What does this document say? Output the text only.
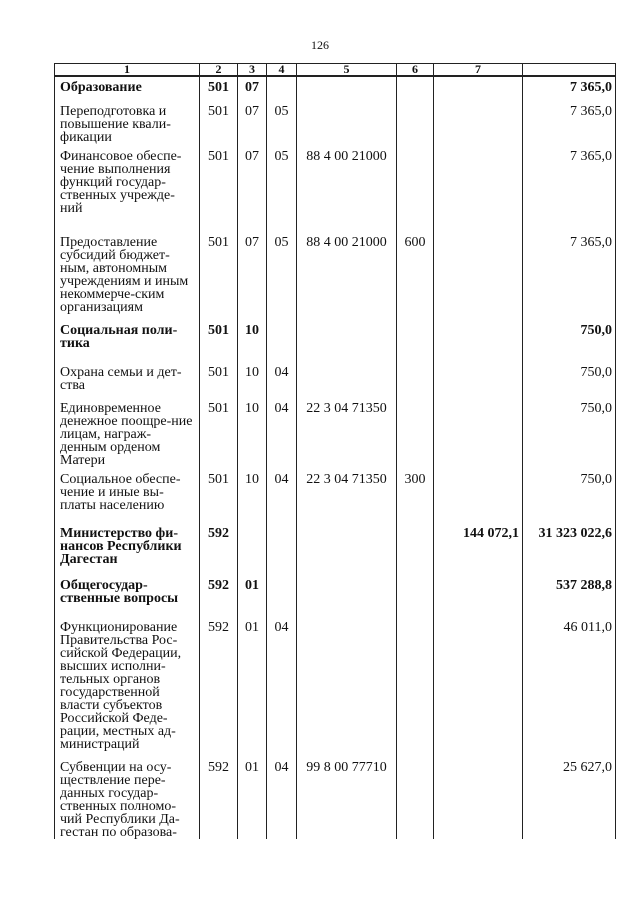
126
1	2	3	4	5	6	7	
Образование	501	07					7 365,0
Переподготовка и повышение квали-фикации	501	07	05				7 365,0
Финансовое обеспе-чение выполнения функций государ-ственных учрежде-ний	501	07	05	88 4 00 21000			7 365,0
Предоставление субсидий бюджет-ным, автономным учреждениям и иным некоммерче-ским организациям	501	07	05	88 4 00 21000	600		7 365,0
Социальная поли-тика	501	10					750,0
Охрана семьи и дет-ства	501	10	04				750,0
Единовременное денежное поощре-ние лицам, награж-денным орденом Матери	501	10	04	22 3 04 71350			750,0
Социальное обеспе-чение и иные вы-платы населению	501	10	04	22 3 04 71350	300		750,0
Министерство фи-нансов Республики Дагестан	592					144 072,1	31 323 022,6
Общегосудар-ственные вопросы	592	01					537 288,8
Функционирование Правительства Рос-сийской Федерации, высших исполни-тельных органов государственной власти субъектов Российской Феде-рации, местных ад-министраций	592	01	04				46 011,0
Субвенции на осу-ществление пере-данных государ-ственных полномо-чий Республики Да-гестан по образова-	592	01	04	99 8 00 77710			25 627,0
